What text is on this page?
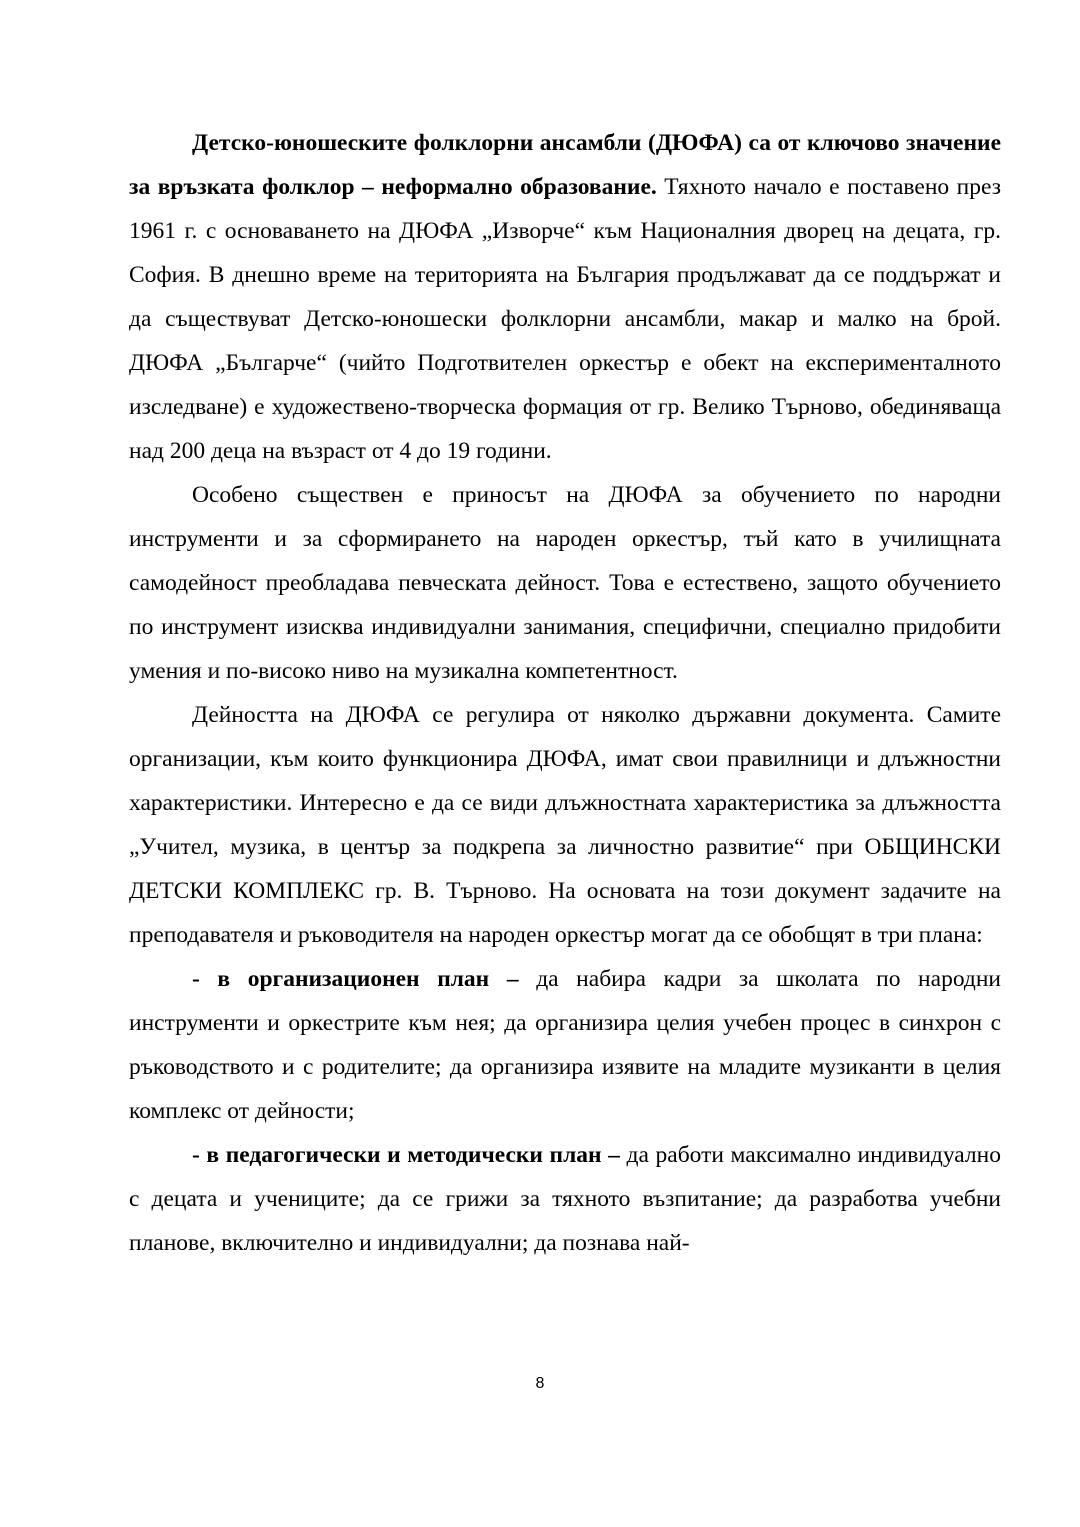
Детско-юношеските фолклорни ансамбли (ДЮФА) са от ключово значение за връзката фолклор – неформално образование. Тяхното начало е поставено през 1961 г. с основаването на ДЮФА „Изворче“ към Националния дворец на децата, гр. София. В днешно време на територията на България продължават да се поддържат и да съществуват Детско-юношески фолклорни ансамбли, макар и малко на брой. ДЮФА „Българче“ (чийто Подготвителен оркестър е обект на експерименталното изследване) е художествено-творческа формация от гр. Велико Търново, обединяваща над 200 деца на възраст от 4 до 19 години.

Особено съществен е приносът на ДЮФА за обучението по народни инструменти и за сформирането на народен оркестър, тъй като в училищната самодейност преобладава певческата дейност. Това е естествено, защото обучението по инструмент изисква индивидуални занимания, специфични, специално придобити умения и по-високо ниво на музикална компетентност.

Дейността на ДЮФА се регулира от няколко държавни документа. Самите организации, към които функционира ДЮФА, имат свои правилници и длъжностни характеристики. Интересно е да се види длъжностната характеристика за длъжността „Учител, музика, в център за подкрепа за личностно развитие“ при ОБЩИНСКИ ДЕТСКИ КОМПЛЕКС гр. В. Търново. На основата на този документ задачите на преподавателя и ръководителя на народен оркестър могат да се обобщят в три плана:

- в организационен план – да набира кадри за школата по народни инструменти и оркестрите към нея; да организира целия учебен процес в синхрон с ръководството и с родителите; да организира изявите на младите музиканти в целия комплекс от дейности;

- в педагогически и методически план – да работи максимално индивидуално с децата и учениците; да се грижи за тяхното възпитание; да разработва учебни планове, включително и индивидуални; да познава най-

8
